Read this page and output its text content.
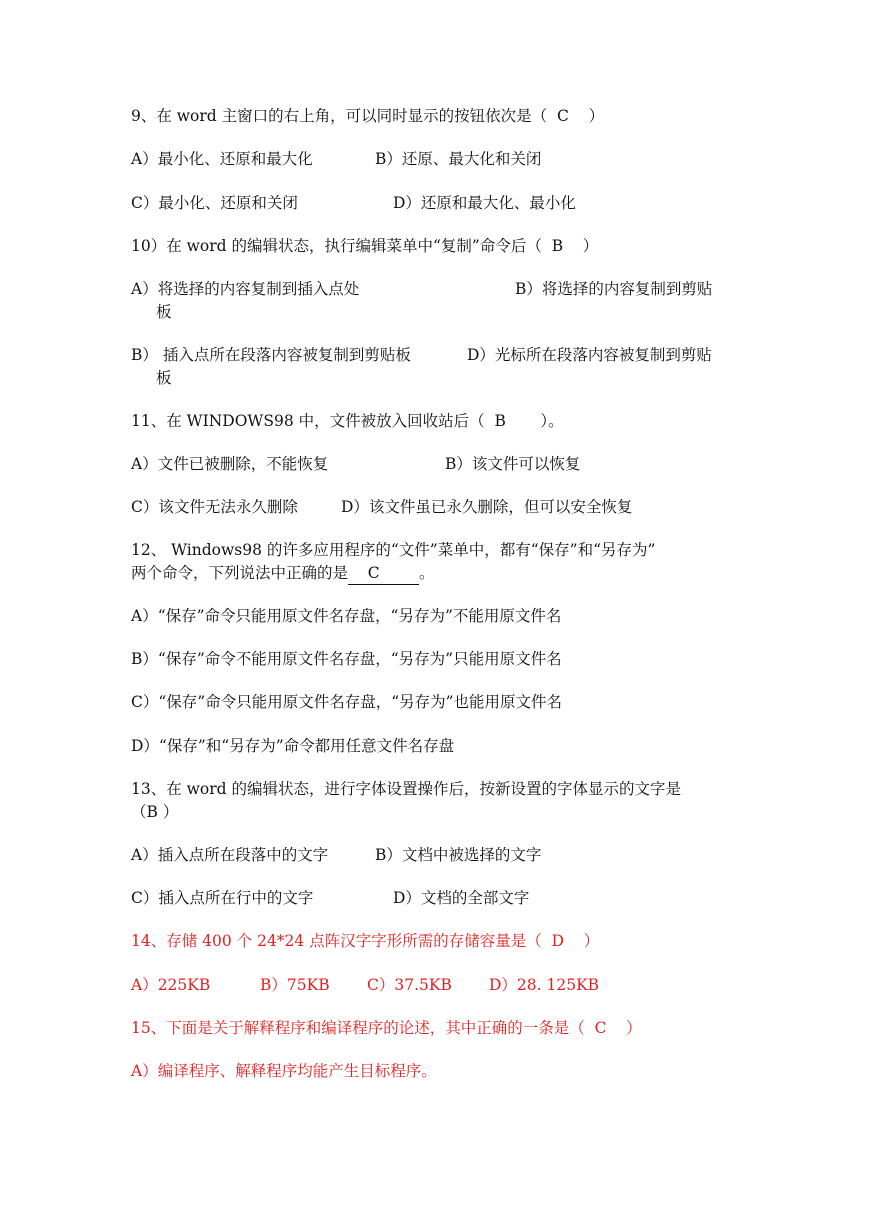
9、在 word 主窗口的右上角，可以同时显示的按钮依次是（  C    ）
A）最小化、还原和最大化	B）还原、最大化和关闭
C）最小化、还原和关闭	D）还原和最大化、最小化
10）在 word 的编辑状态，执行编辑菜单中“复制”命令后（  B    ）
A）将选择的内容复制到插入点处	B）将选择的内容复制到剪贴
板
B） 插入点所在段落内容被复制到剪贴板	D）光标所在段落内容被复制到剪贴
板
11、在 WINDOWS98 中，文件被放入回收站后（  B       ）。
A）文件已被删除，不能恢复	B）该文件可以恢复
C）该文件无法永久删除	D）该文件虽已永久删除，但可以安全恢复
12、 Windows98 的许多应用程序的“文件”菜单中，都有“保存”和“另存为”
两个命令，下列说法中正确的是    C        。
A）“保存”命令只能用原文件名存盘，“另存为”不能用原文件名
B）“保存”命令不能用原文件名存盘，“另存为”只能用原文件名
C）“保存”命令只能用原文件名存盘，“另存为”也能用原文件名
D）“保存”和“另存为”命令都用任意文件名存盘
13、在 word 的编辑状态，进行字体设置操作后，按新设置的字体显示的文字是
（B ）
A）插入点所在段落中的文字	B）文档中被选择的文字
C）插入点所在行中的文字	D）文档的全部文字
14、存储 400 个 24*24 点阵汉字字形所需的存储容量是（  D    ）
A）225KB	B）75KB C）37.5KB D）28. 125KB
15、下面是关于解释程序和编译程序的论述，其中正确的一条是（  C    ）
A）编译程序、解释程序均能产生目标程序。
